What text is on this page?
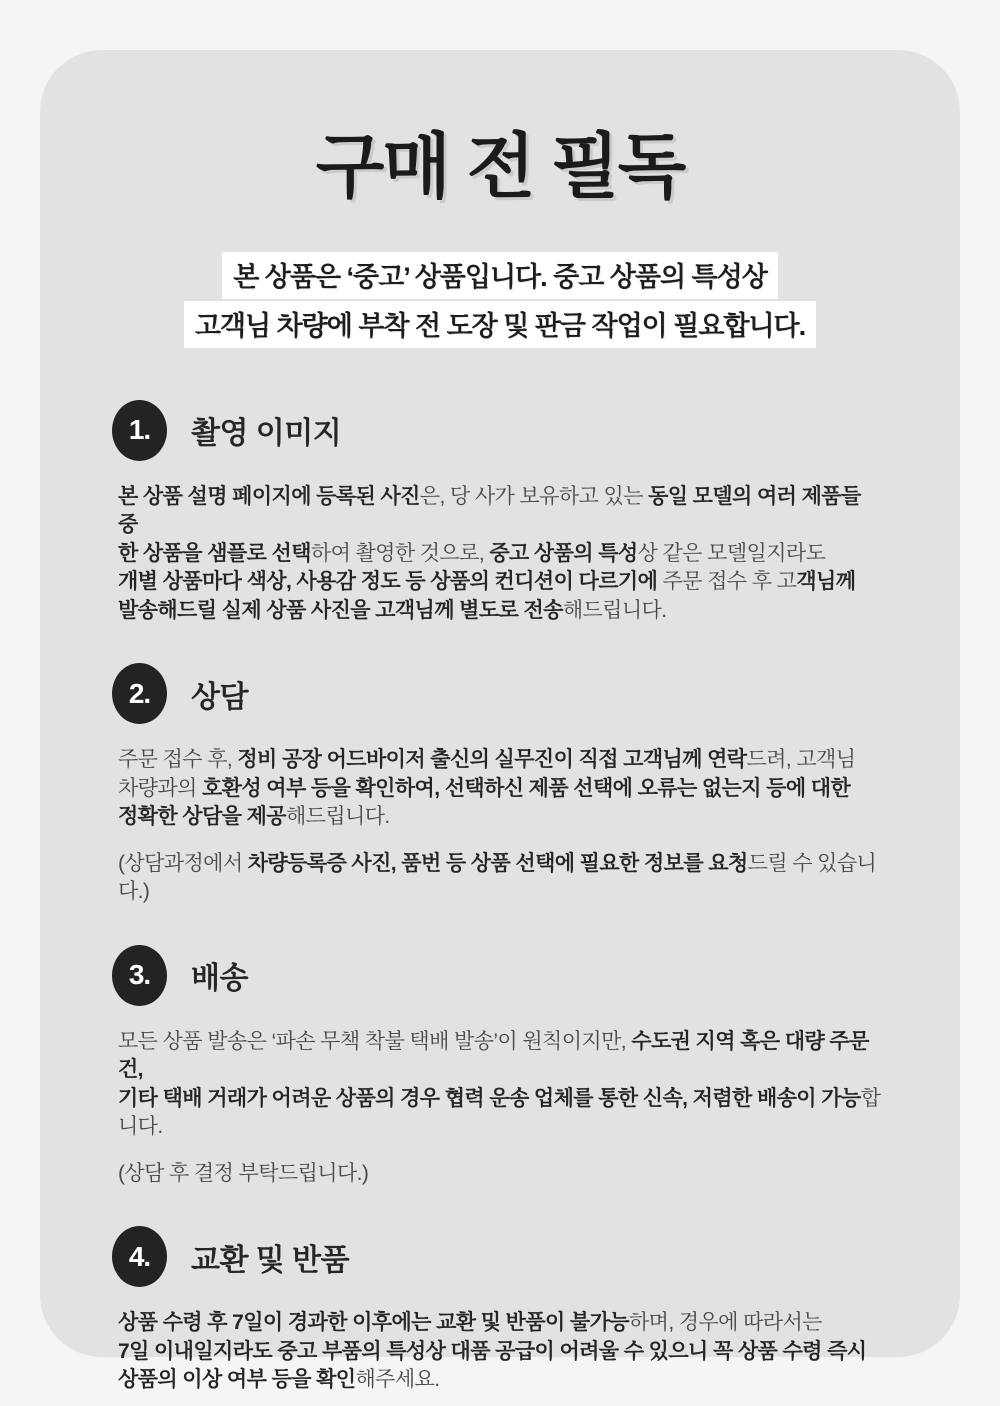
구매 전 필독
본 상품은 ‘중고’ 상품입니다. 중고 상품의 특성상
고객님 차량에 부착 전 도장 및 판금 작업이 필요합니다.
1. 촬영 이미지

본 상품 설명 페이지에 등록된 사진은, 당 사가 보유하고 있는 동일 모델의 여러 제품들 중
한 상품을 샘플로 선택하여 촬영한 것으로, 중고 상품의 특성상 같은 모델일지라도
개별 상품마다 색상, 사용감 정도 등 상품의 컨디션이 다르기에 주문 접수 후 고객님께
발송해드릴 실제 상품 사진을 고객님께 별도로 전송해드립니다.

2. 상담

주문 접수 후, 정비 공장 어드바이저 출신의 실무진이 직접 고객님께 연락드려, 고객님
차량과의 호환성 여부 등을 확인하여, 선택하신 제품 선택에 오류는 없는지 등에 대한
정확한 상담을 제공해드립니다.

(상담과정에서 차량등록증 사진, 품번 등 상품 선택에 필요한 정보를 요청드릴 수 있습니다.)

3. 배송

모든 상품 발송은 ‘파손 무책 착불 택배 발송’이 원칙이지만, 수도권 지역 혹은 대량 주문 건,
기타 택배 거래가 어려운 상품의 경우 협력 운송 업체를 통한 신속, 저렴한 배송이 가능합니다.

(상담 후 결정 부탁드립니다.)

4. 교환 및 반품

상품 수령 후 7일이 경과한 이후에는 교환 및 반품이 불가능하며, 경우에 따라서는
7일 이내일지라도 중고 부품의 특성상 대품 공급이 어려울 수 있으니 꼭 상품 수령 즉시
상품의 이상 여부 등을 확인해주세요.
